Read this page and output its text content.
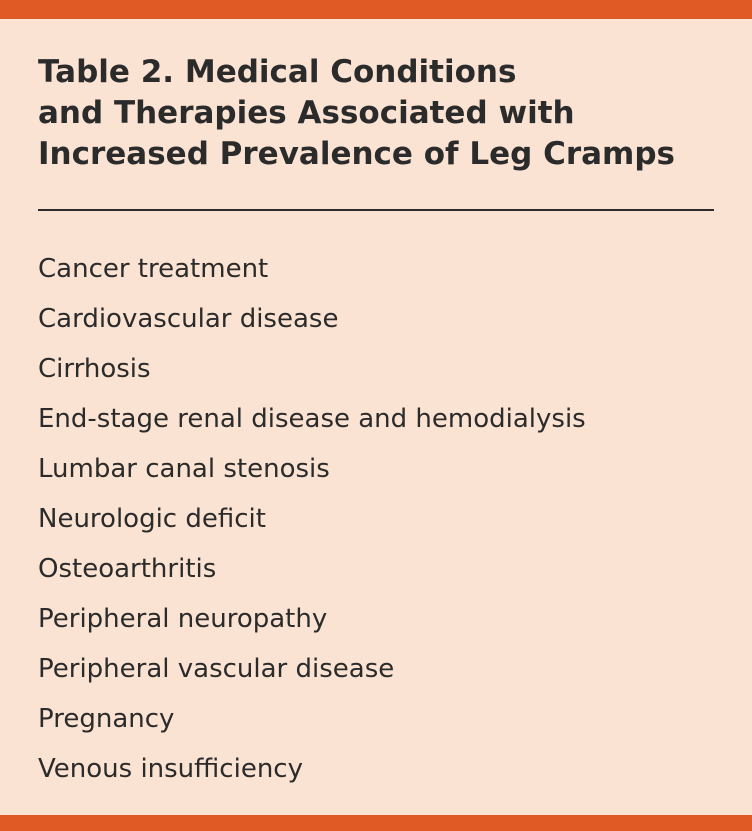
Table 2. Medical Conditions
and Therapies Associated with
Increased Prevalence of Leg Cramps
Cancer treatment
Cardiovascular disease
Cirrhosis
End-stage renal disease and hemodialysis
Lumbar canal stenosis
Neurologic deficit
Osteoarthritis
Peripheral neuropathy
Peripheral vascular disease
Pregnancy
Venous insufficiency
